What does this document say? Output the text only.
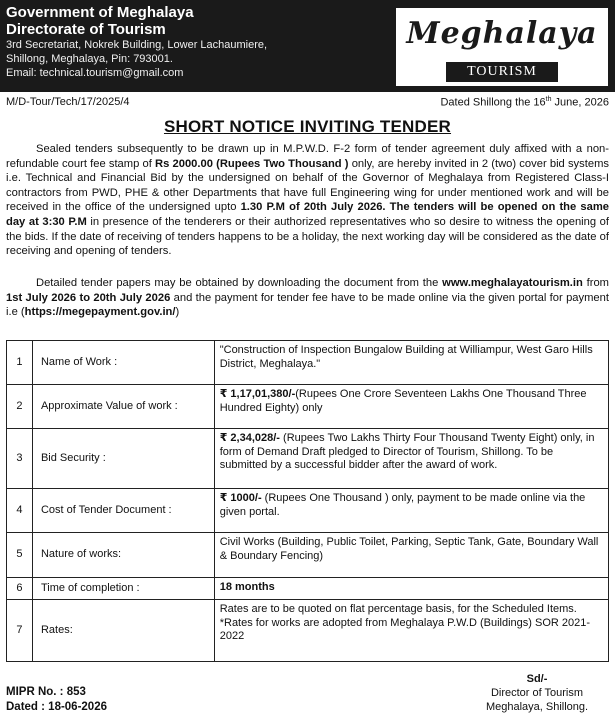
Government of Meghalaya
Directorate of Tourism
3rd Secretariat, Nokrek Building, Lower Lachaumiere,
Shillong, Meghalaya, Pin: 793001.
Email: technical.tourism@gmail.com
Meghalaya
TOURISM
M/D-Tour/Tech/17/2025/4	Dated Shillong the 16th June, 2026
SHORT NOTICE INVITING TENDER

Sealed tenders subsequently to be drawn up in M.P.W.D. F-2 form of tender agreement duly affixed with a non-refundable court fee stamp of Rs 2000.00 (Rupees Two Thousand ) only, are hereby invited in 2 (two) cover bid systems i.e. Technical and Financial Bid by the undersigned on behalf of the Governor of Meghalaya from Registered Class-I contractors from PWD, PHE & other Departments that have full Engineering wing for under mentioned work and will be received in the office of the undersigned upto 1.30 P.M of 20th July 2026. The tenders will be opened on the same day at 3:30 P.M in presence of the tenderers or their authorized representatives who so desire to witness the opening of the bids. If the date of receiving of tenders happens to be a holiday, the next working day will be considered as the date of receiving and opening of tenders.

Detailed tender papers may be obtained by downloading the document from the www.meghalayatourism.in from 1st July 2026 to 20th July 2026 and the payment for tender fee have to be made online via the given portal for payment i.e (https://megepayment.gov.in/)

1	Name of Work :	"Construction of Inspection Bungalow Building at Williampur, West Garo Hills District, Meghalaya."
2	Approximate Value of work :	₹ 1,17,01,380/-(Rupees One Crore Seventeen Lakhs One Thousand Three Hundred Eighty) only
3	Bid Security :	₹ 2,34,028/- (Rupees Two Lakhs Thirty Four Thousand Twenty Eight) only, in form of Demand Draft pledged to Director of Tourism, Shillong. To be submitted by a successful bidder after the award of work.
4	Cost of Tender Document :	₹ 1000/- (Rupees One Thousand ) only, payment to be made online via the given portal.
5	Nature of works:	Civil Works (Building, Public Toilet, Parking, Septic Tank, Gate, Boundary Wall & Boundary Fencing)
6	Time of completion :	18 months
7	Rates:	Rates are to be quoted on flat percentage basis, for the Scheduled Items.
*Rates for works are adopted from Meghalaya P.W.D (Buildings) SOR 2021-2022
MIPR No. : 853
Dated : 18-06-2026
Sd/-
Director of Tourism
Meghalaya, Shillong.
